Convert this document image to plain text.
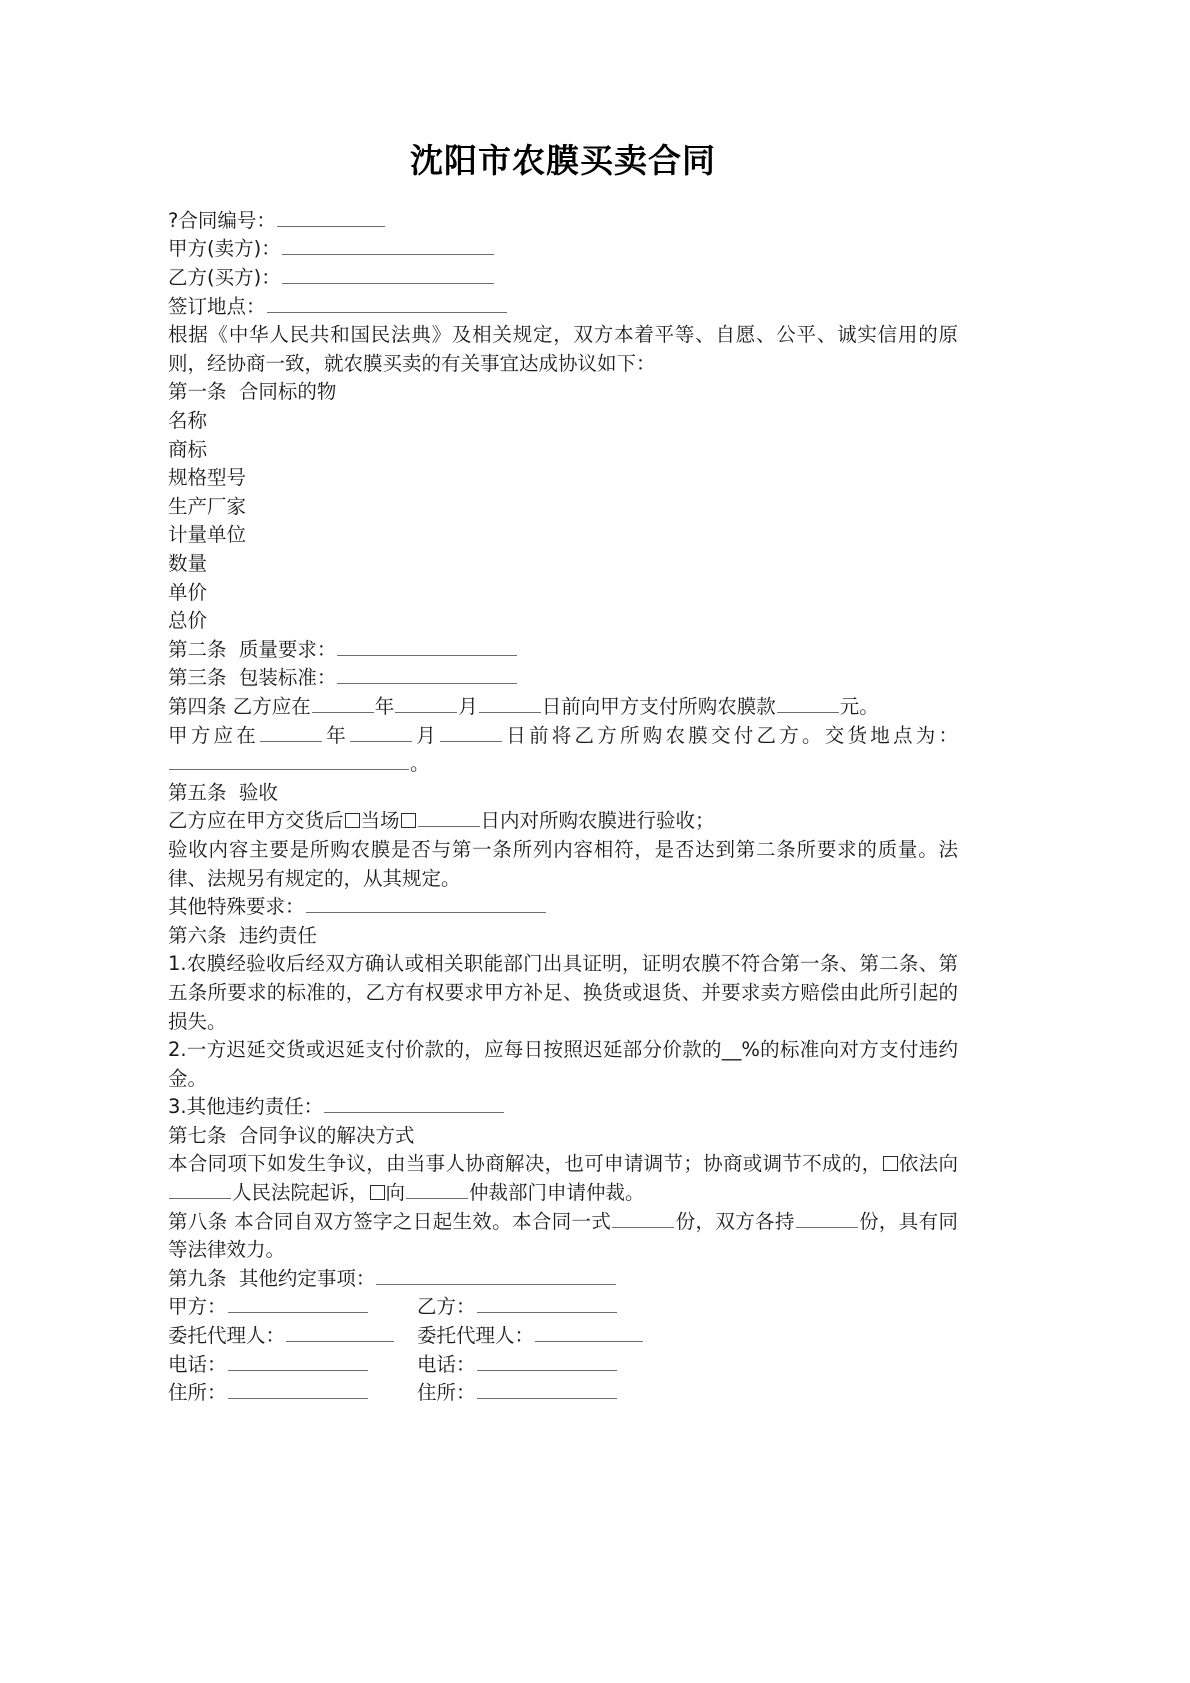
沈阳市农膜买卖合同
?合同编号：
甲方(卖方)：
乙方(买方)：
签订地点：

根据《中华人民共和国民法典》及相关规定，双方本着平等、自愿、公平、诚实信用的原则，经协商一致，就农膜买卖的有关事宜达成协议如下：

第一条  合同标的物
名称
商标
规格型号
生产厂家
计量单位
数量
单价
总价
第二条  质量要求：
第三条  包装标准：

第四条 乙方应在	年	月	日前向甲方支付所购农膜款	元。

甲方应在	年	月	日前将乙方所购农膜交付乙方。交货地点为：。

第五条  验收
乙方应在甲方交货后 当场	日内对所购农膜进行验收；

验收内容主要是所购农膜是否与第一条所列内容相符，是否达到第二条所要求的质量。法律、法规另有规定的，从其规定。

其他特殊要求：
第六条  违约责任

1.农膜经验收后经双方确认或相关职能部门出具证明，证明农膜不符合第一条、第二条、第五条所要求的标准的，乙方有权要求甲方补足、换货或退货、并要求卖方赔偿由此所引起的损失。

2.一方迟延交货或迟延支付价款的，应每日按照迟延部分价款的__%的标准向对方支付违约金。

3.其他违约责任：
第七条  合同争议的解决方式

本合同项下如发生争议，由当事人协商解决，也可申请调节；协商或调节不成的， 依法向人民法院起诉， 向	仲裁部门申请仲裁。

第八条 本合同自双方签字之日起生效。本合同一式	份，双方各持	份，具有同等法律效力。

第九条  其他约定事项：
甲方：		乙方：
委托代理人：		委托代理人：
电话：		电话：
住所：		住所：
